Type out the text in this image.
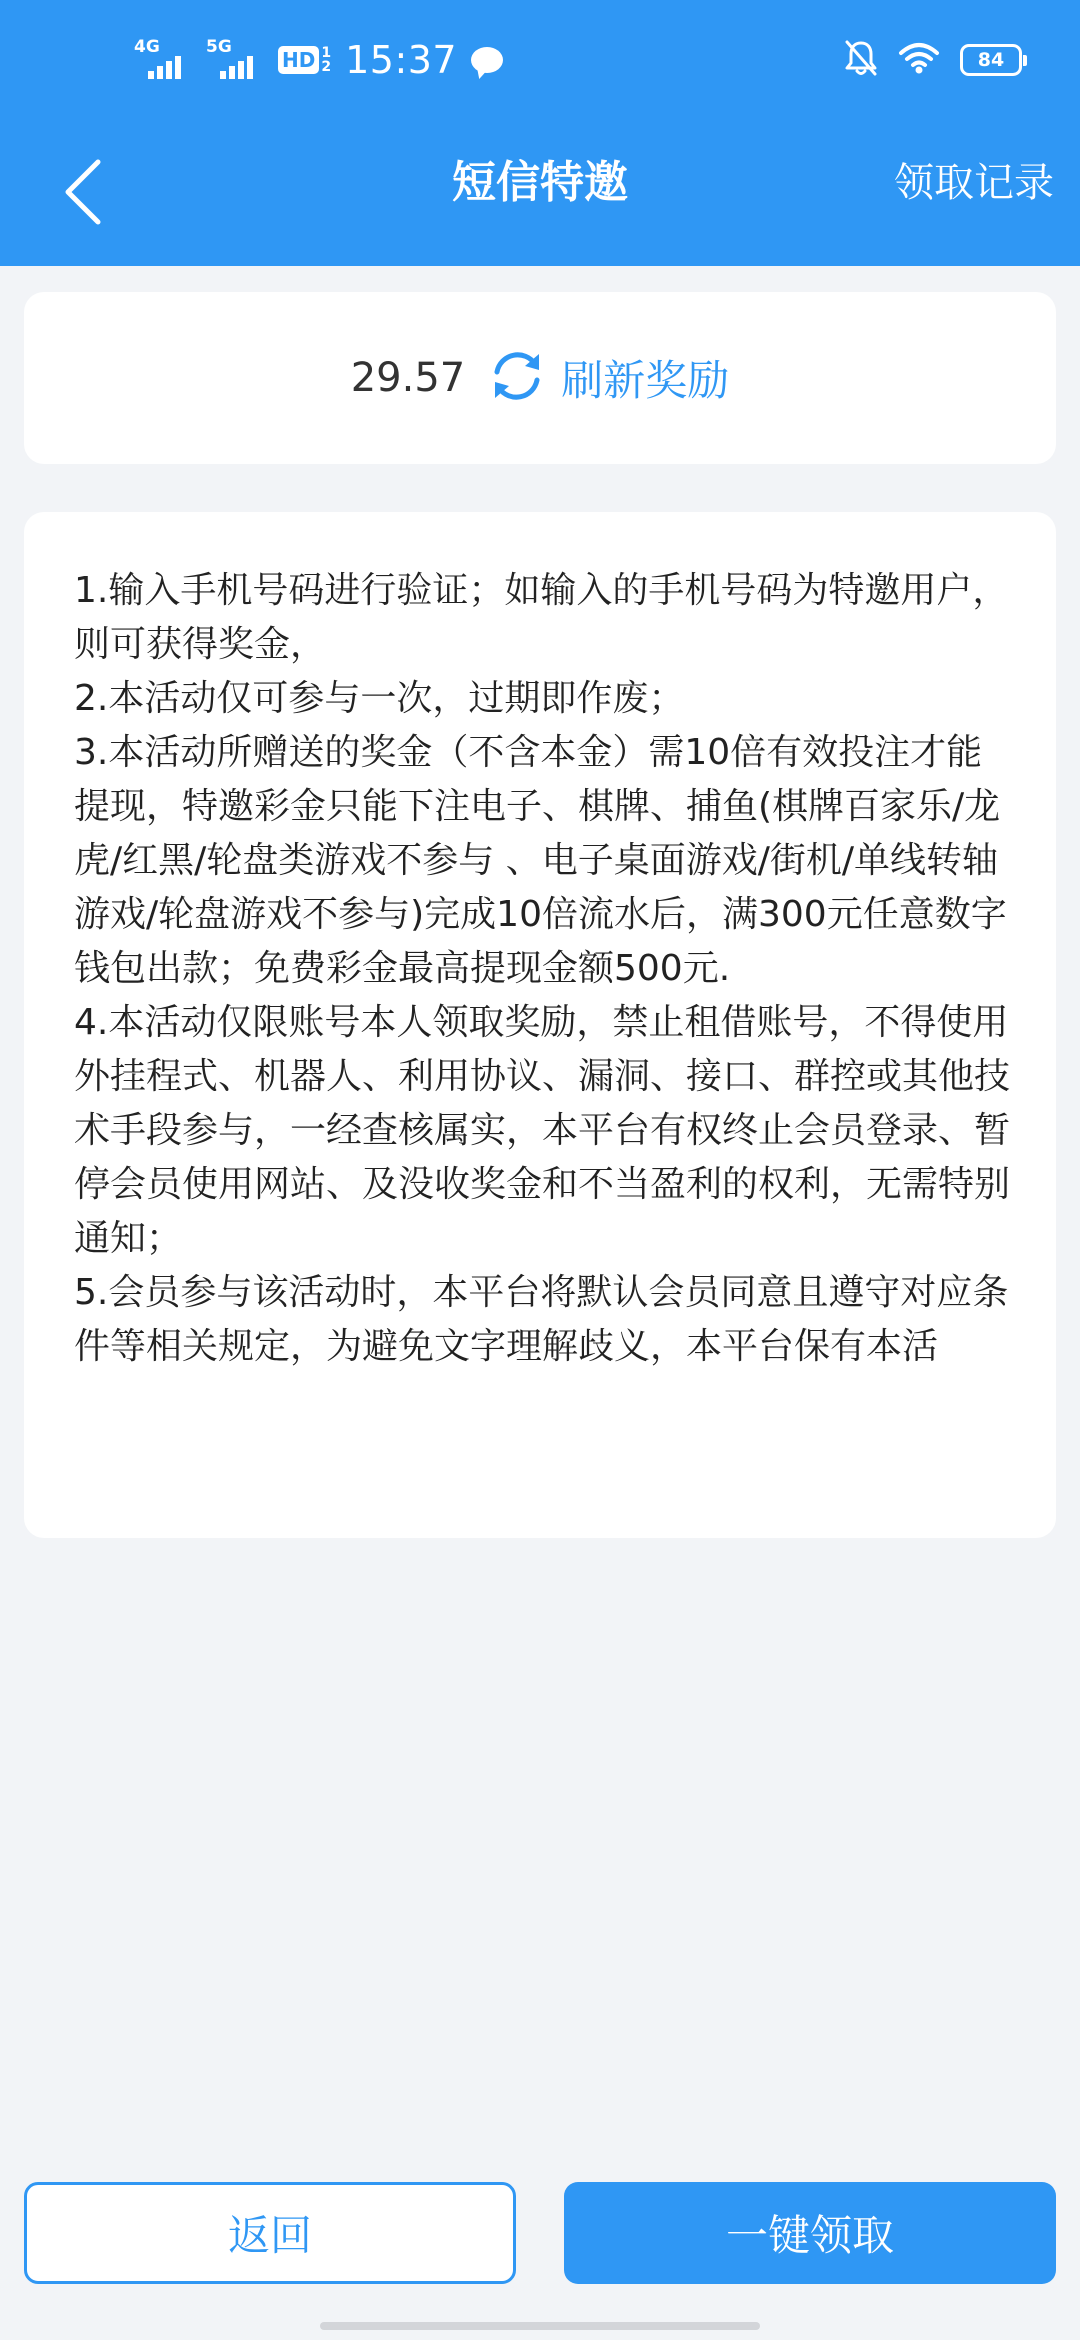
4G	5G
HD 1
2 15:37	84
短信特邀	领取记录
29.57 刷新奖励

1.输入手机号码进行验证；如输入的手机号码为特邀用户，则可获得奖金，

2.本活动仅可参与一次，过期即作废；

3.本活动所赠送的奖金（不含本金）需10倍有效投注才能提现，特邀彩金只能下注电子、棋牌、捕鱼(棋牌百家乐/龙虎/红黑/轮盘类游戏不参与 、电子桌面游戏/街机/单线转轴游戏/轮盘游戏不参与)完成10倍流水后，满300元任意数字钱包出款；免费彩金最高提现金额500元.

4.本活动仅限账号本人领取奖励，禁止租借账号，不得使用外挂程式、机器人、利用协议、漏洞、接口、群控或其他技术手段参与，一经查核属实，本平台有权终止会员登录、暂停会员使用网站、及没收奖金和不当盈利的权利，无需特别通知；

5.会员参与该活动时，本平台将默认会员同意且遵守对应条件等相关规定，为避免文字理解歧义，本平台保有本活

返回	一键领取
